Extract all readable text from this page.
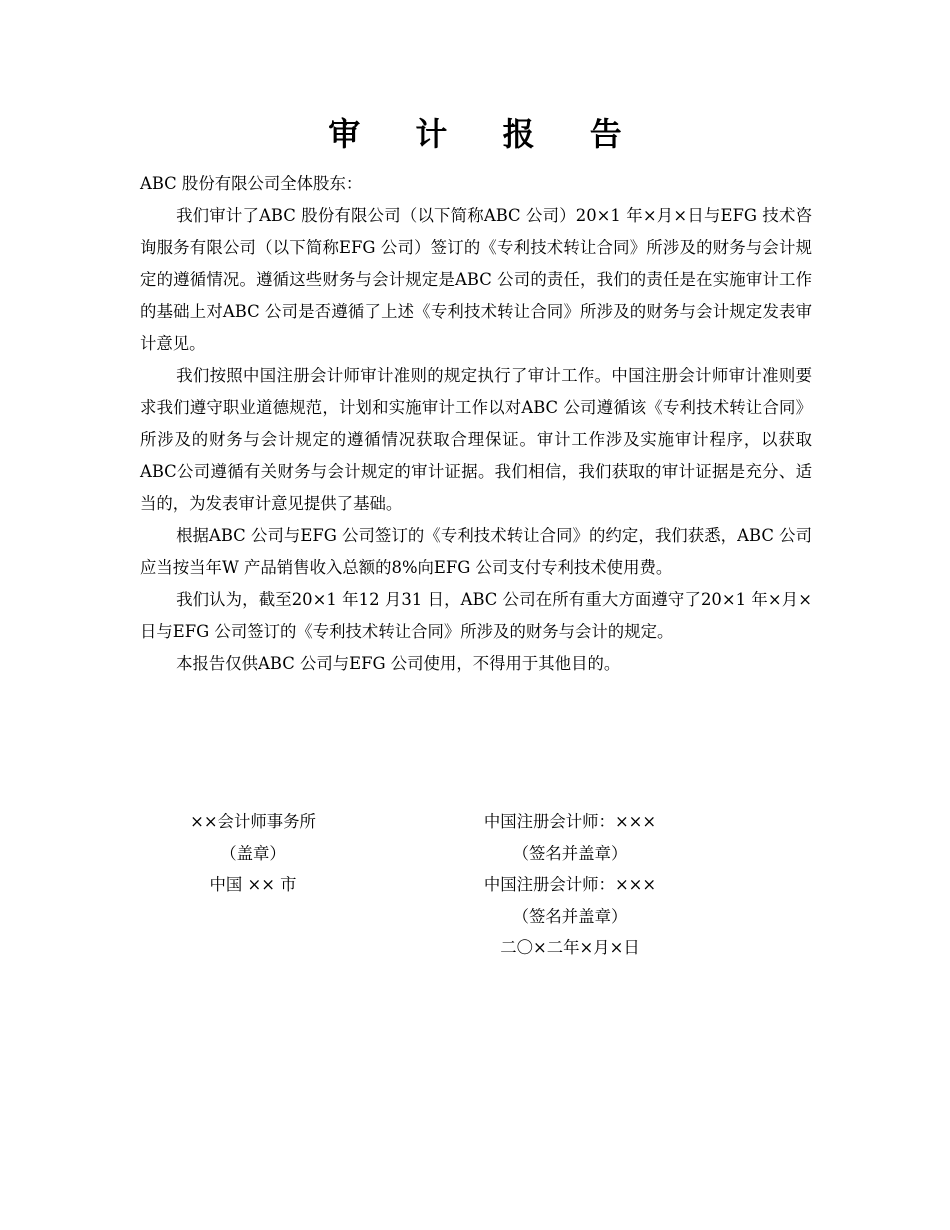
审 计 报 告

ABC 股份有限公司全体股东：

我们审计了ABC 股份有限公司（以下简称ABC 公司）20×1 年×月×日与EFG 技术咨询服务有限公司（以下简称EFG 公司）签订的《专利技术转让合同》所涉及的财务与会计规定的遵循情况。遵循这些财务与会计规定是ABC 公司的责任，我们的责任是在实施审计工作的基础上对ABC 公司是否遵循了上述《专利技术转让合同》所涉及的财务与会计规定发表审计意见。

我们按照中国注册会计师审计准则的规定执行了审计工作。中国注册会计师审计准则要求我们遵守职业道德规范，计划和实施审计工作以对ABC 公司遵循该《专利技术转让合同》所涉及的财务与会计规定的遵循情况获取合理保证。审计工作涉及实施审计程序，以获取ABC公司遵循有关财务与会计规定的审计证据。我们相信，我们获取的审计证据是充分、适当的，为发表审计意见提供了基础。

根据ABC 公司与EFG 公司签订的《专利技术转让合同》的约定，我们获悉，ABC 公司应当按当年W 产品销售收入总额的8%向EFG 公司支付专利技术使用费。

我们认为，截至20×1 年12 月31 日，ABC 公司在所有重大方面遵守了20×1 年×月×日与EFG 公司签订的《专利技术转让合同》所涉及的财务与会计的规定。

本报告仅供ABC 公司与EFG 公司使用，不得用于其他目的。

××会计师事务所
（盖章）
中国 ×× 市
中国注册会计师：×××
（签名并盖章）
中国注册会计师：×××
（签名并盖章）
二〇×二年×月×日
